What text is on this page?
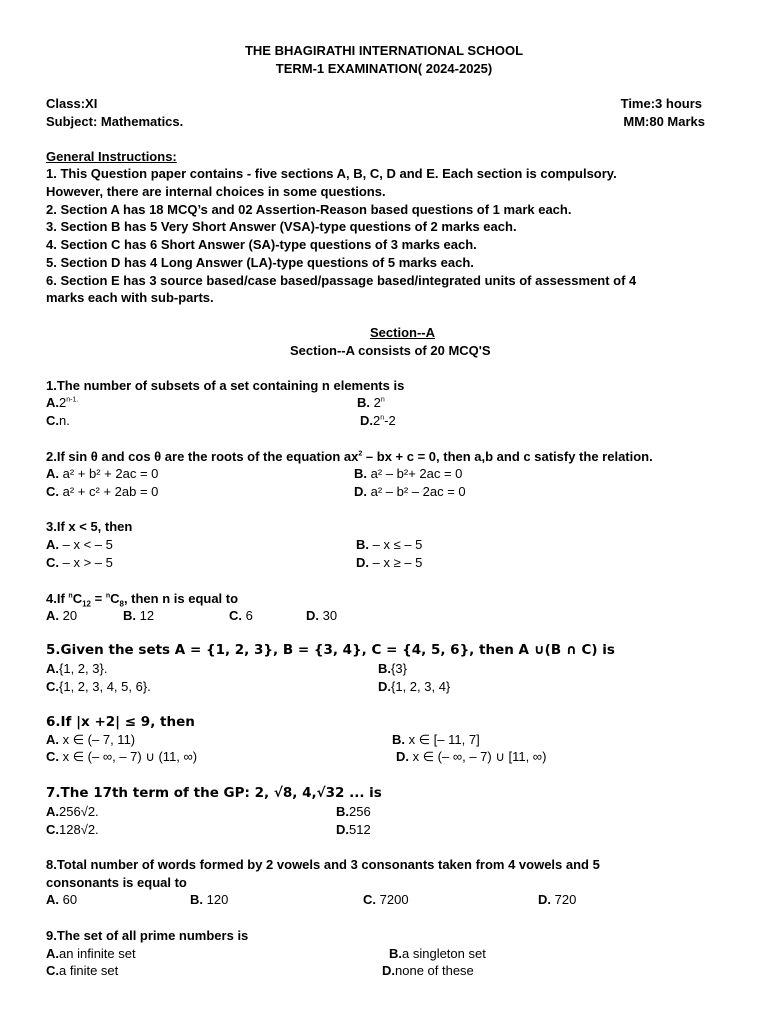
THE BHAGIRATHI INTERNATIONAL SCHOOL
TERM-1 EXAMINATION( 2024-2025)
Class:XI	Time:3 hours
Subject: Mathematics.	MM:80 Marks
General Instructions:
1. This Question paper contains - five sections A, B, C, D and E. Each section is compulsory.
However, there are internal choices in some questions.
2. Section A has 18 MCQ’s and 02 Assertion-Reason based questions of 1 mark each.
3. Section B has 5 Very Short Answer (VSA)-type questions of 2 marks each.
4. Section C has 6 Short Answer (SA)-type questions of 3 marks each.
5. Section D has 4 Long Answer (LA)-type questions of 5 marks each.
6. Section E has 3 source based/case based/passage based/integrated units of assessment of 4
marks each with sub-parts.
Section--A
Section--A consists of 20 MCQ'S
1.The number of subsets of a set containing n elements is
$A.2^{n-1.}$	B. 2$^n$
C.n.	D.2$^n$-2
2.If sin θ and cos θ are the roots of the equation $ax^2$ – bx + c = 0, then a,b and c satisfy the relation.
A. a² + b² + 2ac = 0	B. a² – b²+ 2ac = 0
C. a² + c² + 2ab = 0	D. a² – b² – 2ac = 0
3.If x < 5, then
A. – x < – 5	B. – x ≤ – 5
C. – x > – 5	D. – x ≥ – 5
4.If $^nC_{12} = ^nC_8$, then n is equal to
A. 20	B. 12	C. 6	D. 30
5.Given the sets A = {1, 2, 3}, B = {3, 4}, C = {4, 5, 6}, then A ∪(B ∩ C) is
A.{1, 2, 3}.	B.{3}
C.{1, 2, 3, 4, 5, 6}.	D.{1, 2, 3, 4}
6.If |x +2| ≤ 9, then
A. x ∈ (– 7, 11)	B. x ∈ [– 11, 7]
C. x ∈ (– ∞, – 7) ∪ (11, ∞)	D. x ∈ (– ∞, – 7) ∪ [11, ∞)
7.The 17th term of the GP: 2, √8, 4,√32 ... is
A.256√2.	B.256
C.128√2.	D.512
8.Total number of words formed by 2 vowels and 3 consonants taken from 4 vowels and 5
consonants is equal to
A. 60	B. 120	C. 7200	D. 720
9.The set of all prime numbers is
A.an infinite set	B.a singleton set
C.a finite set	D.none of these
